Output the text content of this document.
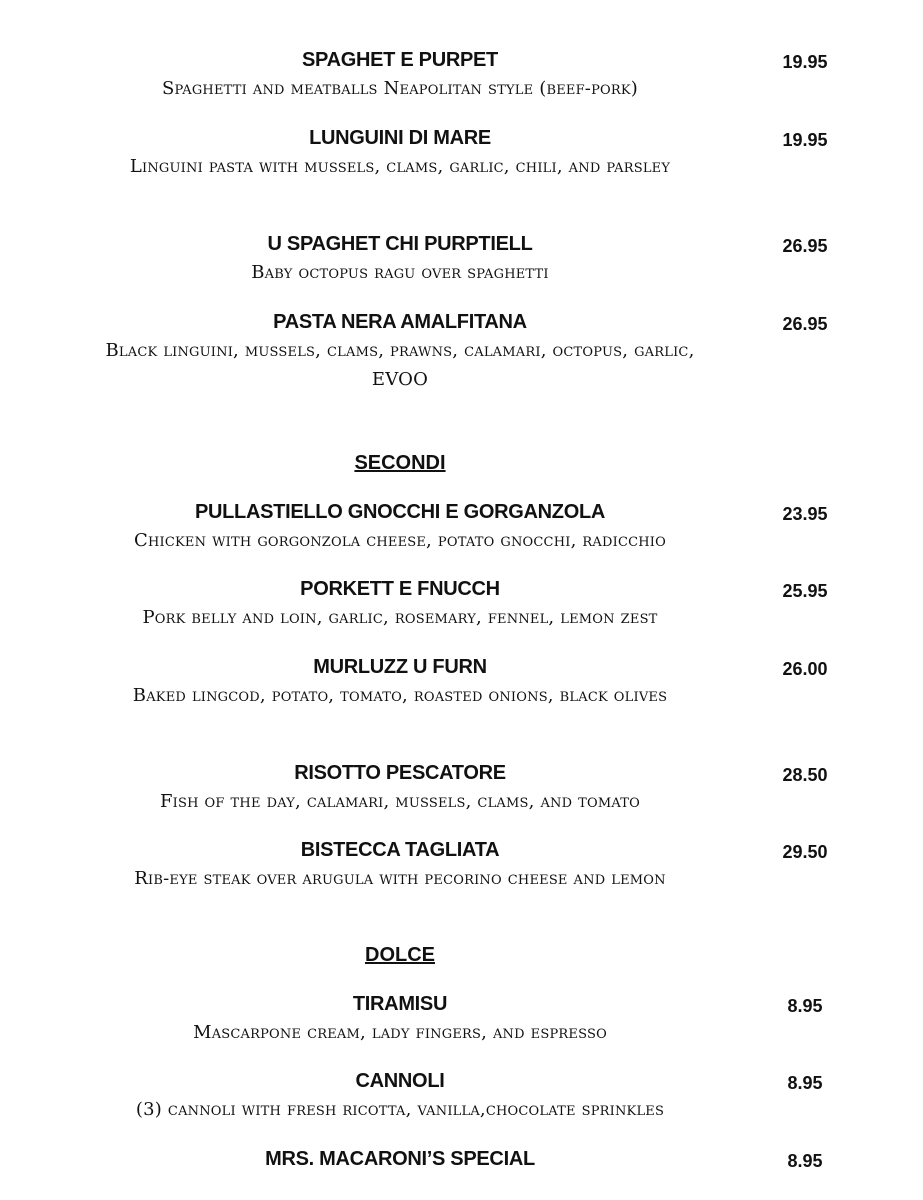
SPAGHET E PURPET	19.95
Spaghetti and meatballs Neapolitan style (beef-pork)
LUNGUINI DI MARE	19.95
Linguini pasta with mussels, clams, garlic, chili, and parsley
U SPAGHET CHI PURPTIELL	26.95
Baby octopus ragu over spaghetti
PASTA NERA AMALFITANA	26.95
Black linguini, mussels, clams, prawns, calamari, octopus, garlic, EVOO
SECONDI
PULLASTIELLO GNOCCHI E GORGANZOLA	23.95
Chicken with gorgonzola cheese, potato gnocchi, radicchio
PORKETT E FNUCCH	25.95
Pork belly and loin, garlic, rosemary, fennel, lemon zest
MURLUZZ U FURN	26.00
Baked lingcod, potato, tomato, roasted onions, black olives
RISOTTO PESCATORE	28.50
Fish of the day, calamari, mussels, clams, and tomato
BISTECCA TAGLIATA	29.50
Rib-eye steak over arugula with pecorino cheese and lemon
DOLCE
TIRAMISU	8.95
Mascarpone cream, lady fingers, and espresso
CANNOLI	8.95
(3) cannoli with fresh ricotta, vanilla,chocolate sprinkles
MRS. MACARONI’S SPECIAL	8.95
